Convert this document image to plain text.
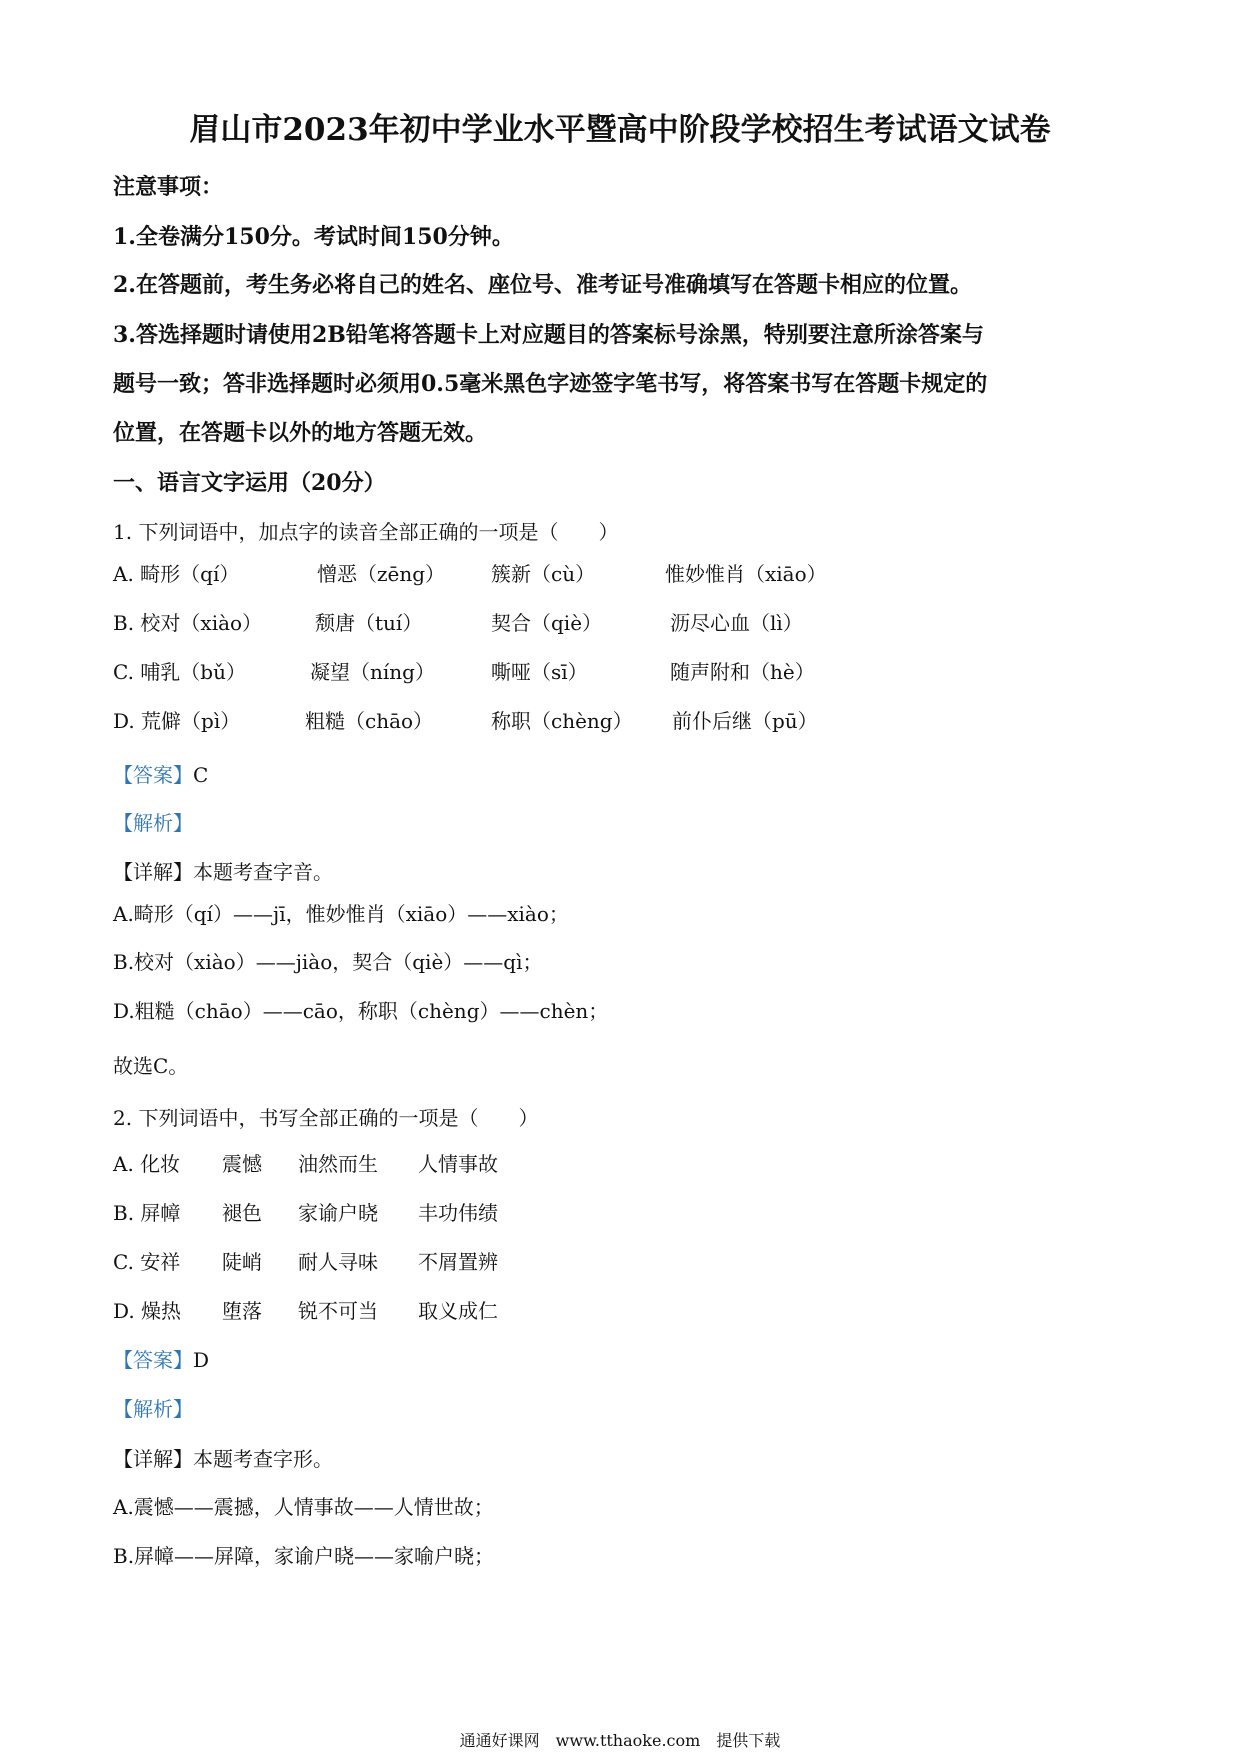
眉山市2023年初中学业水平暨高中阶段学校招生考试语文试卷
注意事项：
1.全卷满分150分。考试时间150分钟。
2.在答题前，考生务必将自己的姓名、座位号、准考证号准确填写在答题卡相应的位置。
3.答选择题时请使用2B铅笔将答题卡上对应题目的答案标号涂黑，特别要注意所涂答案与
题号一致；答非选择题时必须用0.5毫米黑色字迹签字笔书写，将答案书写在答题卡规定的
位置，在答题卡以外的地方答题无效。
一、语言文字运用（20分）
1. 下列词语中，加点字的读音全部正确的一项是（　　）
A. 畸形（qí）	憎恶（zēng） 簇新（cù）	惟妙惟肖（xiāo）
B. 校对（xiào）	颓唐（tuí）	契合（qiè）	沥尽心血（lì）
C. 哺乳（bǔ）	凝望（níng）	嘶哑（sī）	随声附和（hè）
D. 荒僻（pì）	粗糙（chāo）	称职（chèng） 前仆后继（pū）
【答案】C
【解析】
【详解】本题考查字音。
A.畸形（qí）——jī，惟妙惟肖（xiāo）——xiào；
B.校对（xiào）——jiào，契合（qiè）——qì；
D.粗糙（chāo）——cāo，称职（chèng）——chèn；
故选C。
2. 下列词语中，书写全部正确的一项是（　　）
A. 化妆 震憾 油然而生 人情事故
B. 屏幛 褪色 家谕户晓 丰功伟绩
C. 安祥 陡峭 耐人寻味 不屑置辨
D. 燥热 堕落 锐不可当 取义成仁
【答案】D
【解析】
【详解】本题考查字形。
A.震憾——震撼，人情事故——人情世故；
B.屏幛——屏障，家谕户晓——家喻户晓；
通通好课网　www.tthaoke.com　提供下载
